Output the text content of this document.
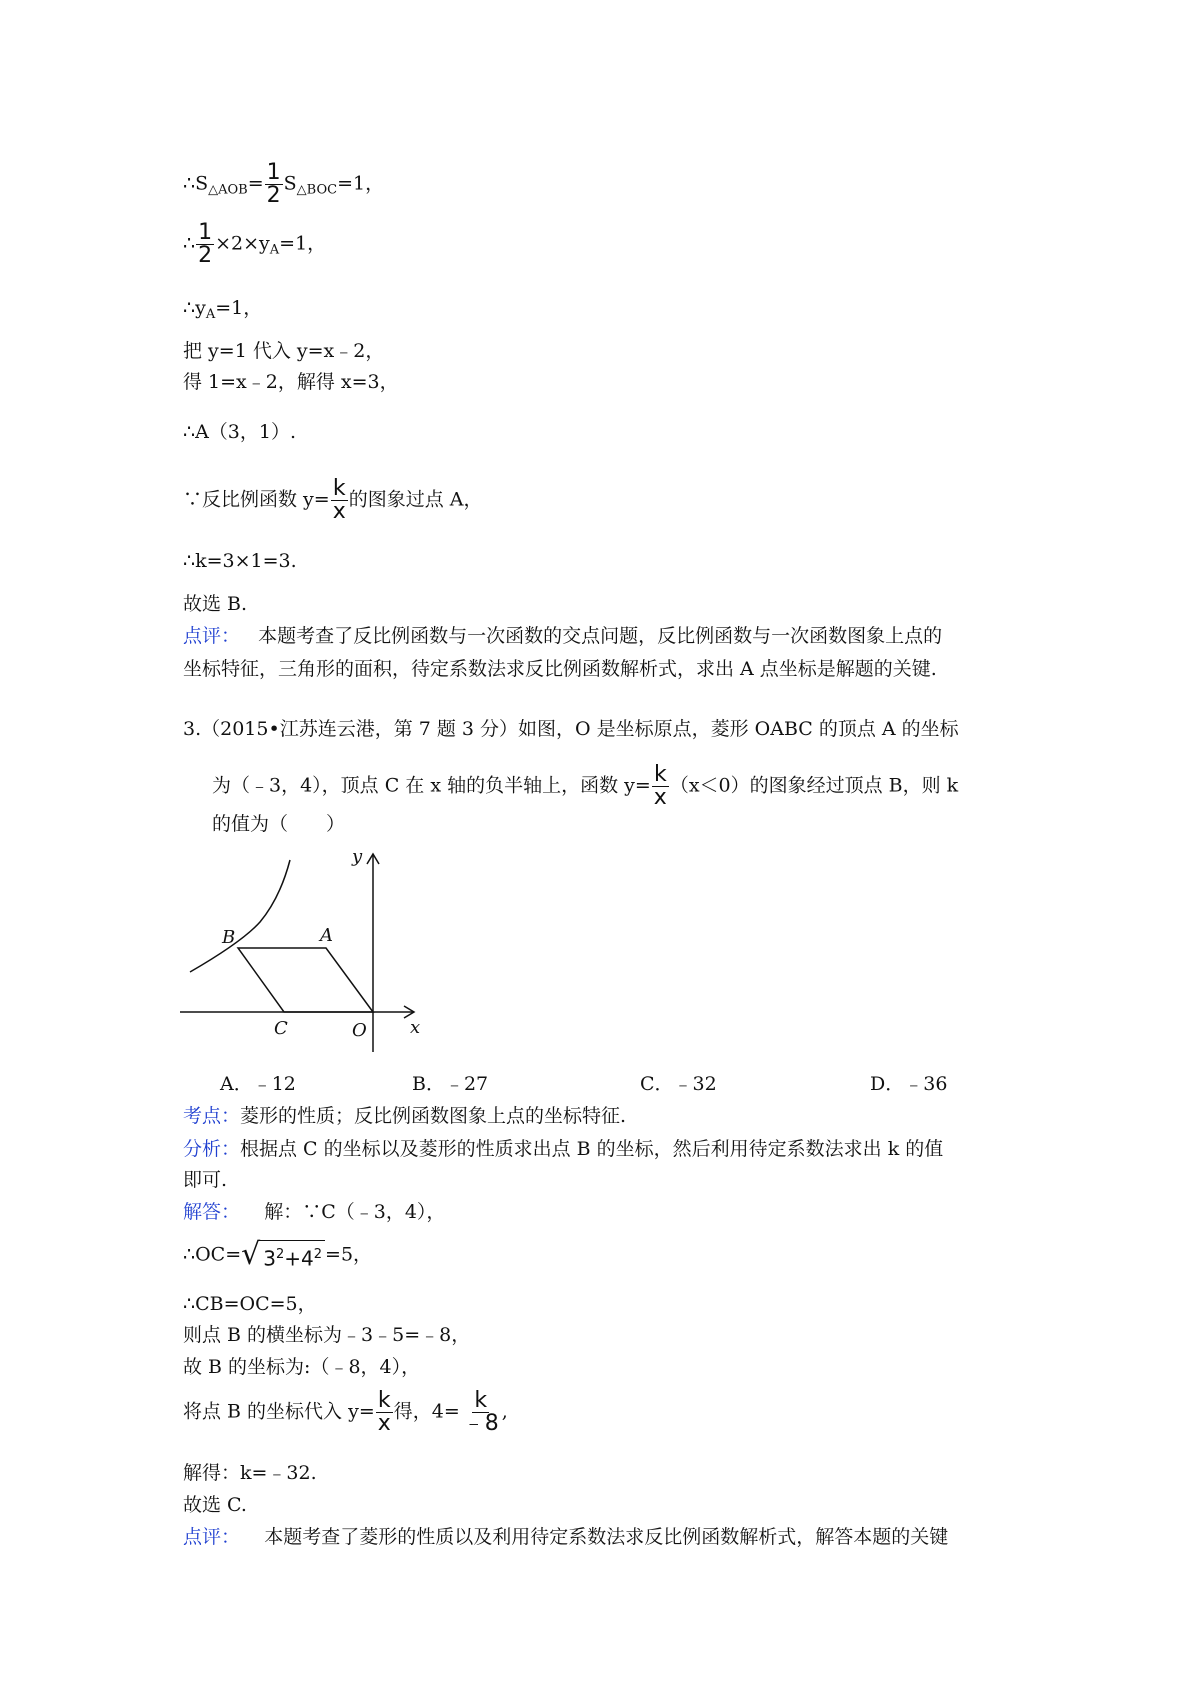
$\therefore S_{\triangle AOB}= \frac{1}{2} S_{\triangle BOC}=1$，
∴ $\frac{1}{2} \times 2\times y_A=1$，
$\therefore y_A=1$，
把 y=1 代入 y=x﹣2，
得 1=x﹣2，解得 x=3，
∴A（3，1）.
∵反比例函数 $y= \frac{k}{x}$ 的图象过点 A，
∴k=3×1=3.
故选 B.
点评： 本题考查了反比例函数与一次函数的交点问题，反比例函数与一次函数图象上点的
坐标特征，三角形的面积，待定系数法求反比例函数解析式，求出 A 点坐标是解题的关键.
3.（2015•江苏连云港，第 7 题 3 分）如图，O 是坐标原点，菱形 OABC 的顶点 A 的坐标
为（﹣3，4），顶点 C 在 x 轴的负半轴上，函数 $y= \frac{k}{x} (x<0)$的图象经过顶点 B，则 k
的值为（　　）
B	A
C	O x
y
A．﹣12	B．﹣27	C．﹣32	D．﹣36
考点：菱形的性质；反比例函数图象上点的坐标特征.
分析：根据点 C 的坐标以及菱形的性质求出点 B 的坐标，然后利用待定系数法求出 k 的值
即可.
解答： 解：∵C（﹣3，4），
∴OC= √ $3^2+4^2 =5$，
∴CB=OC=5，
则点 B 的横坐标为﹣3﹣5=﹣8，
故 B 的坐标为:（﹣8，4），
将点 B 的坐标代入 $y= \frac{k}{x}$ 得，$4= \frac{k}{﹣8}$ ,
解得：k=﹣32.
故选 C.
点评： 本题考查了菱形的性质以及利用待定系数法求反比例函数解析式，解答本题的关键
